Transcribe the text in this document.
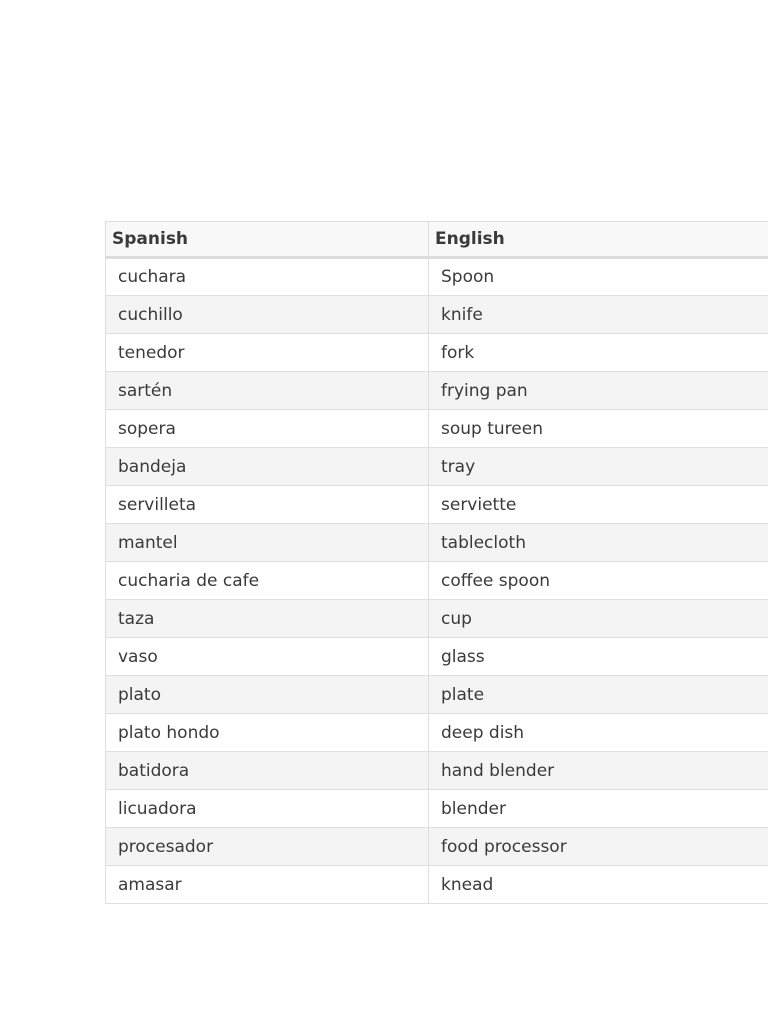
Spanish	English
cuchara	Spoon
cuchillo	knife
tenedor	fork
sartén	frying pan
sopera	soup tureen
bandeja	tray
servilleta	serviette
mantel	tablecloth
cucharia de cafe	coffee spoon
taza	cup
vaso	glass
plato	plate
plato hondo	deep dish
batidora	hand blender
licuadora	blender
procesador	food processor
amasar	knead
